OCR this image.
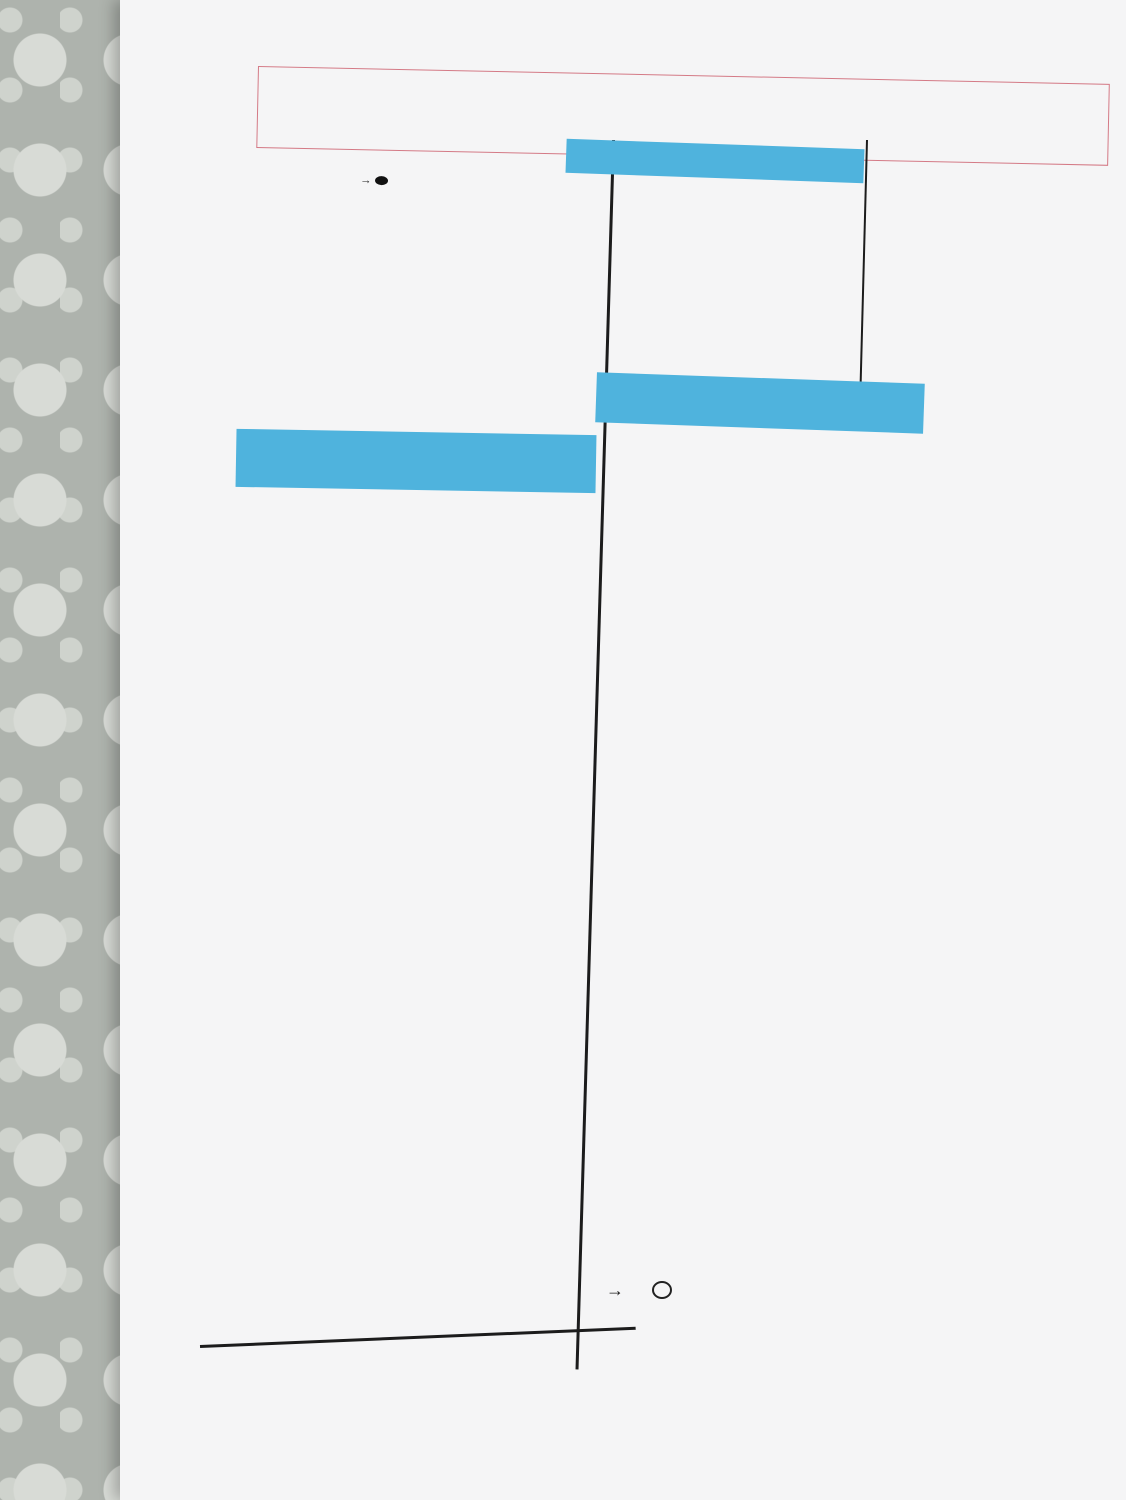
→

→
